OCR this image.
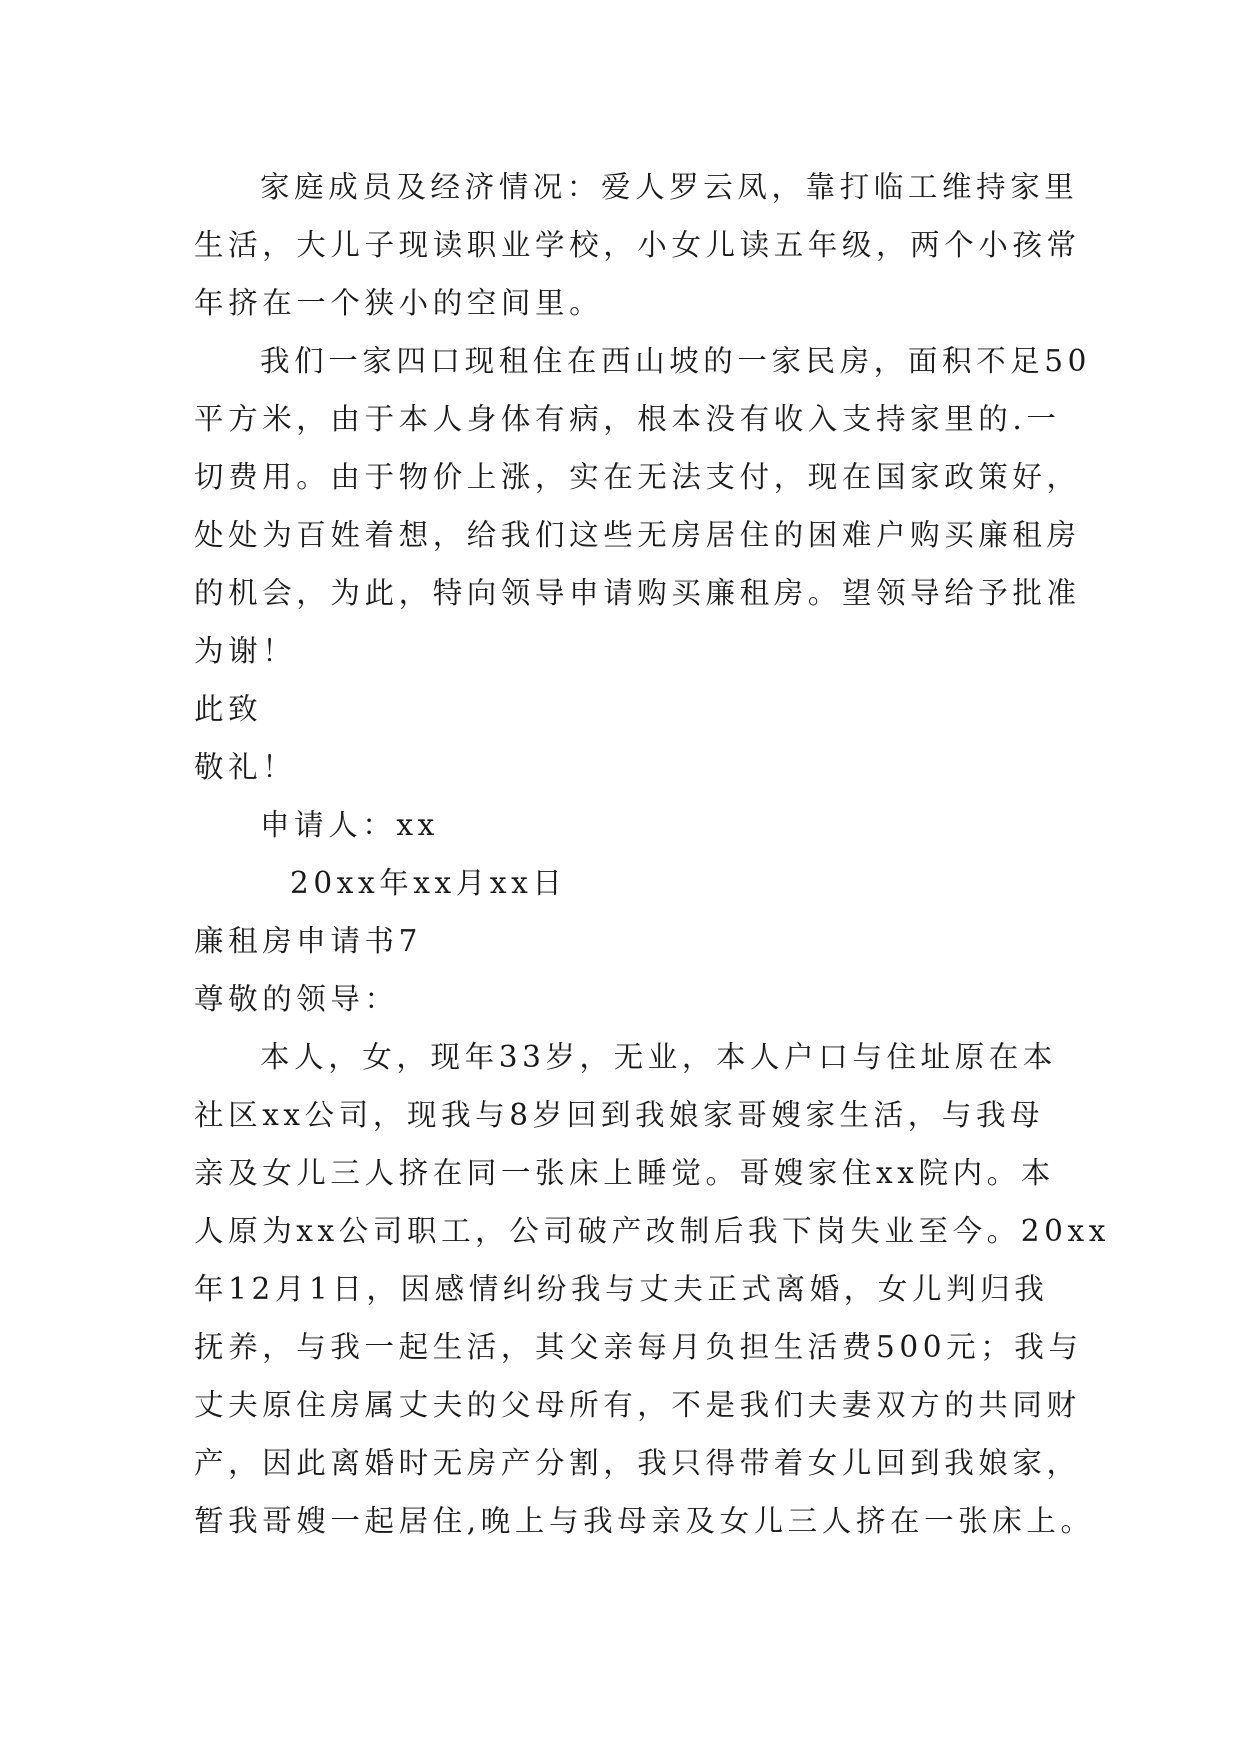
家庭成员及经济情况：爱人罗云凤，靠打临工维持家里
生活，大儿子现读职业学校，小女儿读五年级，两个小孩常
年挤在一个狭小的空间里。
我们一家四口现租住在西山坡的一家民房，面积不足50
平方米，由于本人身体有病，根本没有收入支持家里的.一
切费用。由于物价上涨，实在无法支付，现在国家政策好，
处处为百姓着想，给我们这些无房居住的困难户购买廉租房
的机会，为此，特向领导申请购买廉租房。望领导给予批准
为谢！
此致
敬礼！
申请人：xx
20xx年xx月xx日
廉租房申请书7
尊敬的领导：
本人，女，现年33岁，无业，本人户口与住址原在本
社区xx公司，现我与8岁回到我娘家哥嫂家生活，与我母
亲及女儿三人挤在同一张床上睡觉。哥嫂家住xx院内。本
人原为xx公司职工，公司破产改制后我下岗失业至今。20xx
年12月1日，因感情纠纷我与丈夫正式离婚，女儿判归我
抚养，与我一起生活，其父亲每月负担生活费500元；我与
丈夫原住房属丈夫的父母所有，不是我们夫妻双方的共同财
产，因此离婚时无房产分割，我只得带着女儿回到我娘家，
暂我哥嫂一起居住,晚上与我母亲及女儿三人挤在一张床上。
